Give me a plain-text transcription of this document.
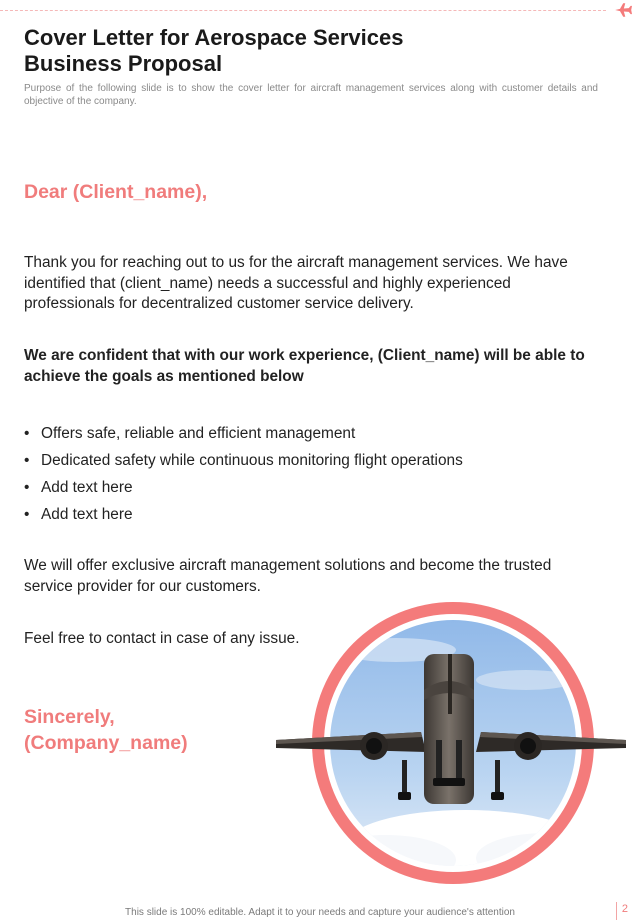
Cover Letter for Aerospace Services
Business Proposal

Purpose of the following slide is to show the cover letter for aircraft management services along with customer details and objective of the company.

Dear (Client_name),

Thank you for reaching out to us for the aircraft management services. We have identified that (client_name) needs a successful and highly experienced professionals for decentralized customer service delivery.

We are confident that with our work experience, (Client_name) will be able to achieve the goals as mentioned below

• Offers safe, reliable and efficient management
• Dedicated safety while continuous monitoring flight operations
• Add text here
• Add text here

We will offer exclusive aircraft management solutions and become the trusted service provider for our customers.

Feel free to contact in case of any issue.

Sincerely,
(Company_name)

This slide is 100% editable. Adapt it to your needs and capture your audience's attention	2
